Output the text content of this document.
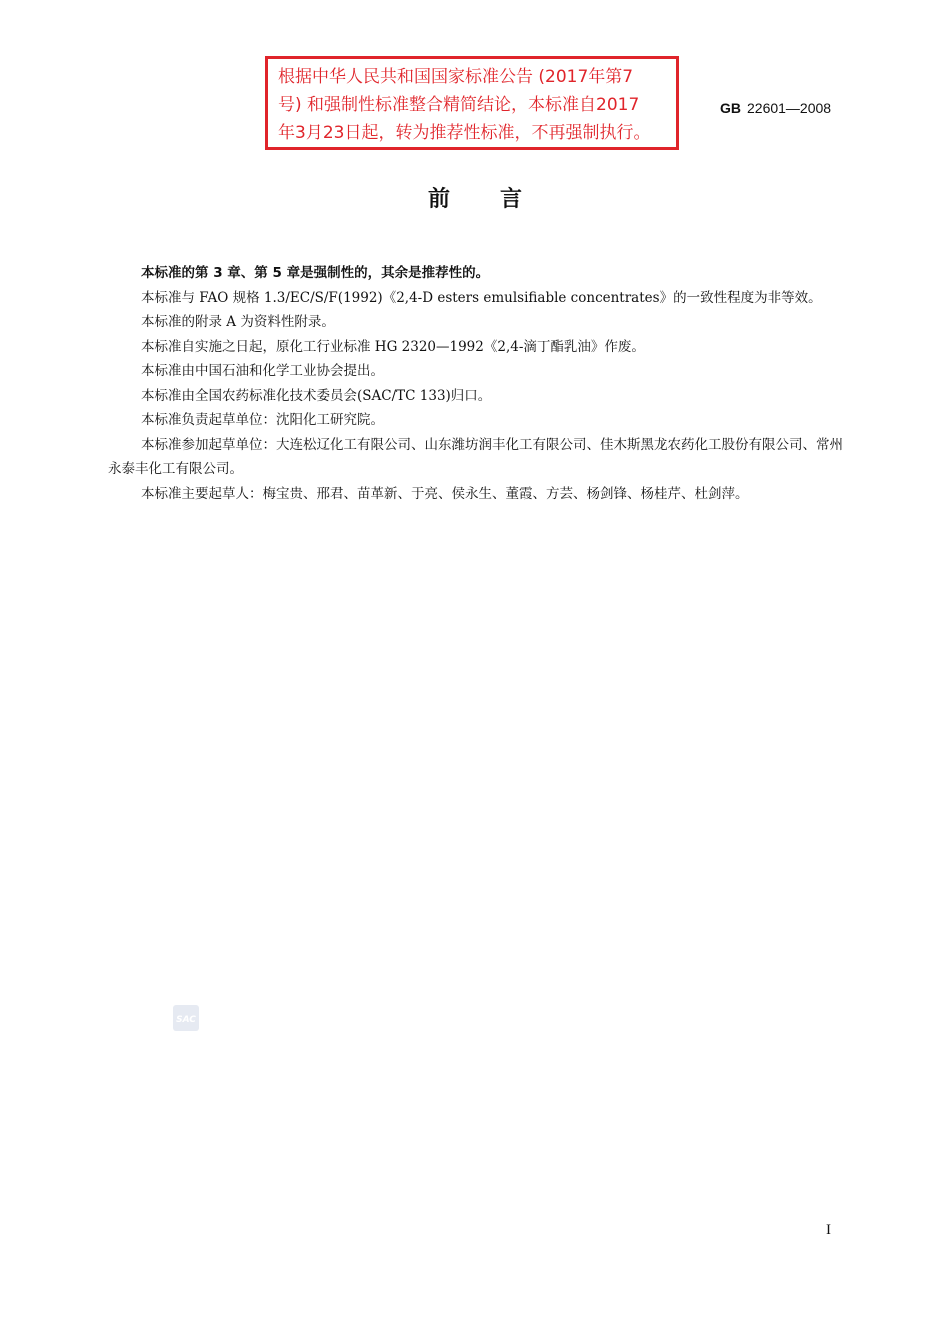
根据中华人民共和国国家标准公告 (2017年第7
号) 和强制性标准整合精简结论，本标准自2017
年3月23日起，转为推荐性标准，不再强制执行。
GB 22601—2008
前言

本标准的第 3 章、第 5 章是强制性的，其余是推荐性的。

本标准与 FAO 规格 1.3/EC/S/F(1992)《2,4-D esters emulsifiable concentrates》的一致性程度为非等效。

本标准的附录 A 为资料性附录。

本标准自实施之日起，原化工行业标准 HG 2320—1992《2,4-滴丁酯乳油》作废。

本标准由中国石油和化学工业协会提出。

本标准由全国农药标准化技术委员会(SAC/TC 133)归口。

本标准负责起草单位：沈阳化工研究院。

本标准参加起草单位：大连松辽化工有限公司、山东潍坊润丰化工有限公司、佳木斯黑龙农药化工股份有限公司、常州永泰丰化工有限公司。

本标准主要起草人：梅宝贵、邢君、苗革新、于亮、侯永生、董霞、方芸、杨剑锋、杨桂芹、杜剑萍。

SAC
I
